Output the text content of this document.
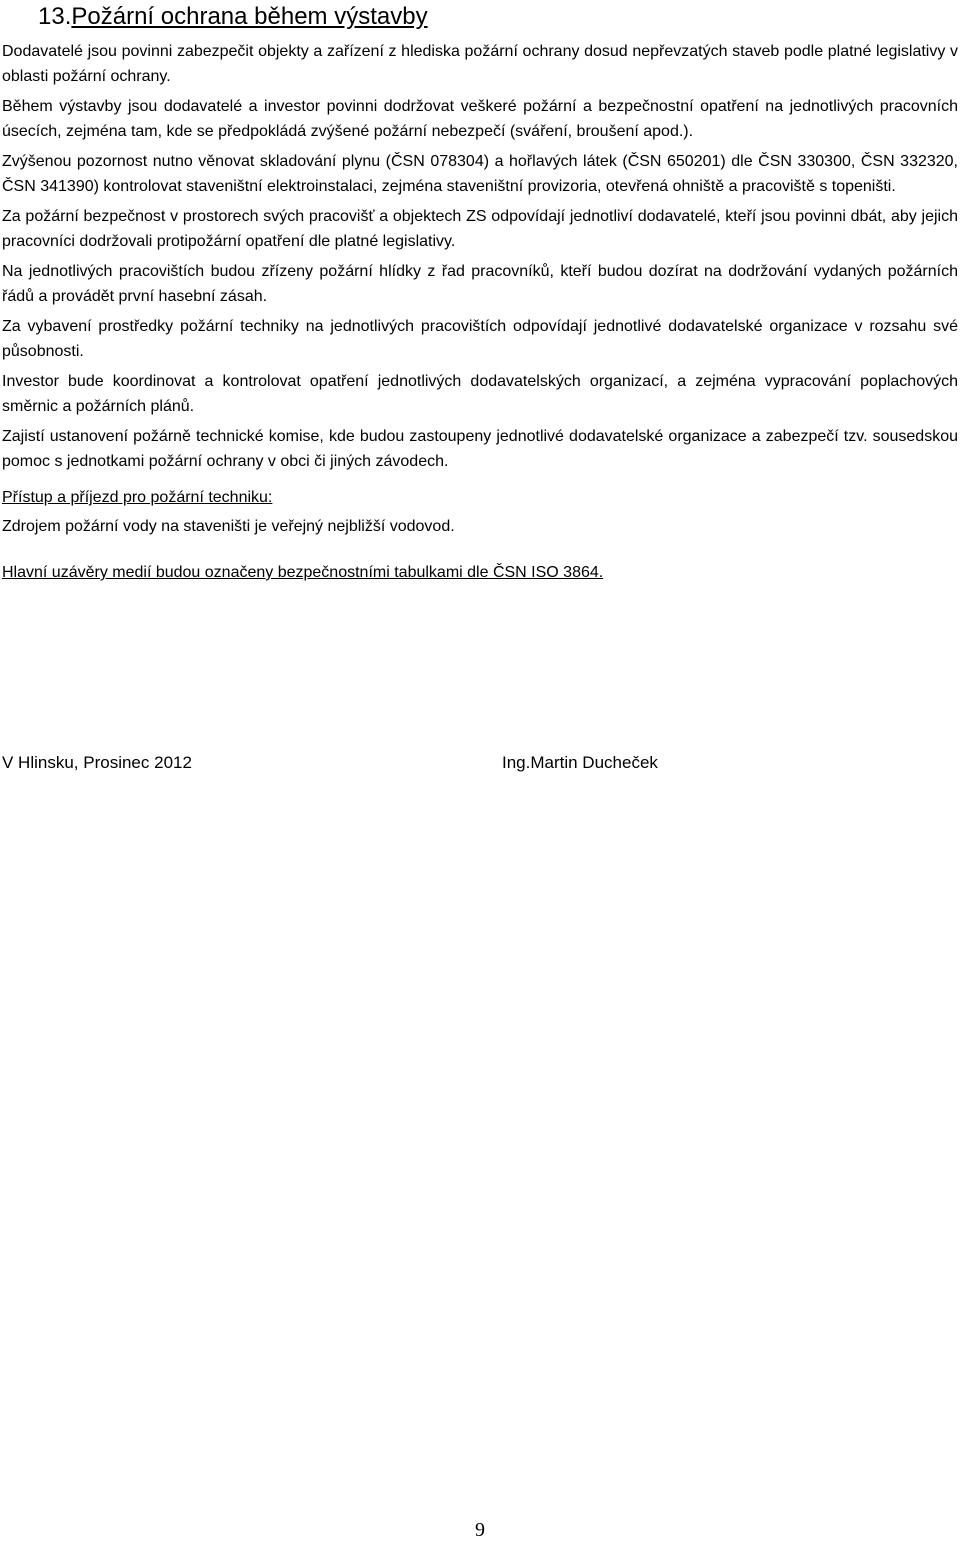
13.Požární ochrana během výstavby

Dodavatelé jsou povinni zabezpečit objekty a zařízení z hlediska požární ochrany dosud nepřevzatých staveb podle platné legislativy v oblasti požární ochrany.

Během výstavby jsou dodavatelé a investor povinni dodržovat veškeré požární a bezpečnostní opatření na jednotlivých pracovních úsecích, zejména tam, kde se předpokládá zvýšené požární nebezpečí (sváření, broušení apod.).

Zvýšenou pozornost nutno věnovat skladování plynu (ČSN 078304) a hořlavých látek (ČSN 650201) dle ČSN 330300, ČSN 332320, ČSN 341390) kontrolovat staveništní elektroinstalaci, zejména staveništní provizoria, otevřená ohniště a pracoviště s topeništi.

Za požární bezpečnost v prostorech svých pracovišť a objektech ZS odpovídají jednotliví dodavatelé, kteří jsou povinni dbát, aby jejich pracovníci dodržovali protipožární opatření dle platné legislativy.

Na jednotlivých pracovištích budou zřízeny požární hlídky z řad pracovníků, kteří budou dozírat na dodržování vydaných požárních řádů a provádět první hasební zásah.

Za vybavení prostředky požární techniky na jednotlivých pracovištích odpovídají jednotlivé dodavatelské organizace v rozsahu své působnosti.

Investor bude koordinovat a kontrolovat opatření jednotlivých dodavatelských organizací, a zejména vypracování poplachových směrnic a požárních plánů.

Zajistí ustanovení požárně technické komise, kde budou zastoupeny jednotlivé dodavatelské organizace a zabezpečí tzv. sousedskou pomoc s jednotkami požární ochrany v obci či jiných závodech.

Přístup a příjezd pro požární techniku:

Zdrojem požární vody na staveništi je veřejný nejbližší vodovod.

Hlavní uzávěry medií budou označeny bezpečnostními tabulkami dle ČSN ISO 3864.

V Hlinsku, Prosinec 2012	Ing.Martin Ducheček
9
